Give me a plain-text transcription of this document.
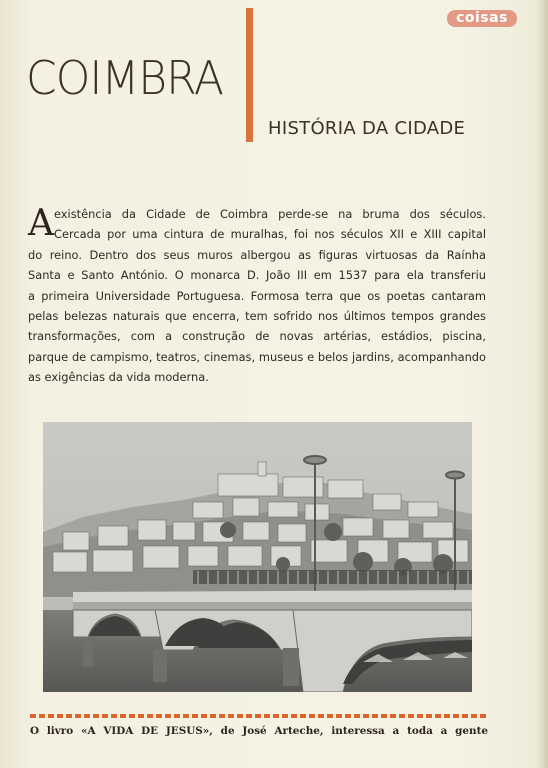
coisas
COIMBRA
HISTÓRIA DA CIDADE
A existência da Cidade de Coimbra perde-se na bruma dos séculos.
Cercada por uma cintura de muralhas, foi nos séculos XII e XIII capital
do reino. Dentro dos seus muros albergou as figuras virtuosas da Raínha
Santa e Santo António. O monarca D. João III em 1537 para ela transferiu
a primeira Universidade Portuguesa. Formosa terra que os poetas cantaram
pelas belezas naturais que encerra, tem sofrido nos últimos tempos grandes
transformações, com a construção de novas artérias, estádios, piscina,
parque de campismo, teatros, cinemas, museus e belos jardins, acompanhando
as exigências da vida moderna.
O livro «A VIDA DE JESUS», de José Arteche, interessa a toda a gente
